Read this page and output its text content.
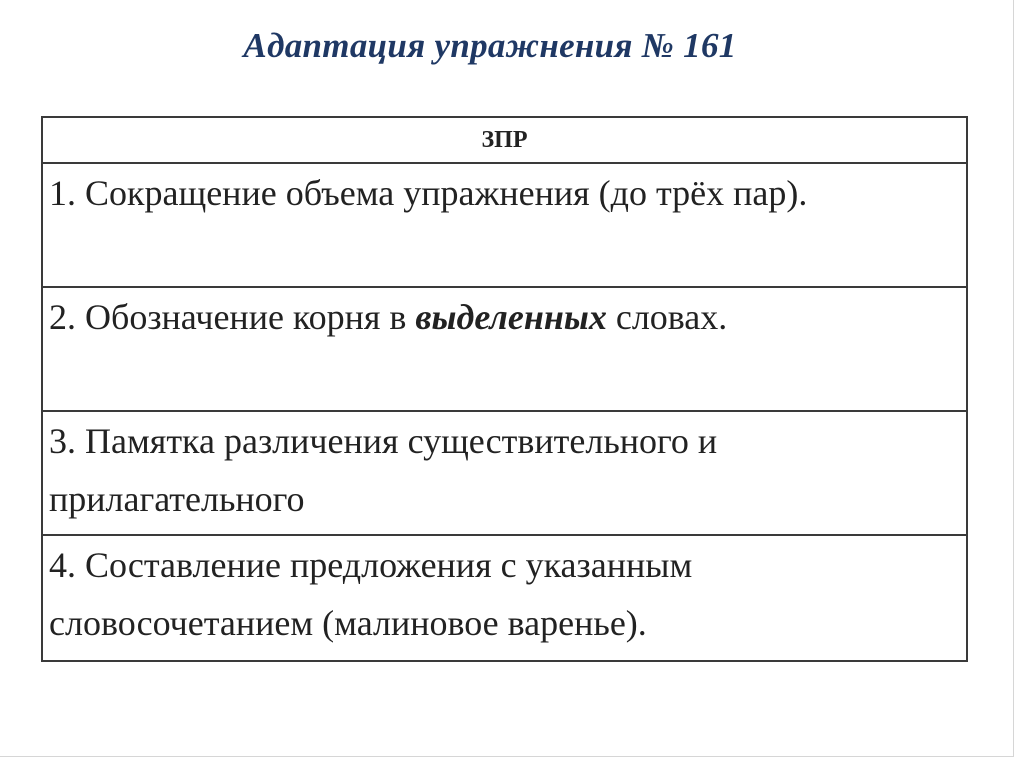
Адаптация упражнения № 161
ЗПР
1. Сокращение объема упражнения (до трёх пар).
2. Обозначение корня в выделенных словах.
3. Памятка различения существительного и прилагательного
4. Составление предложения с указанным словосочетанием (малиновое варенье).
